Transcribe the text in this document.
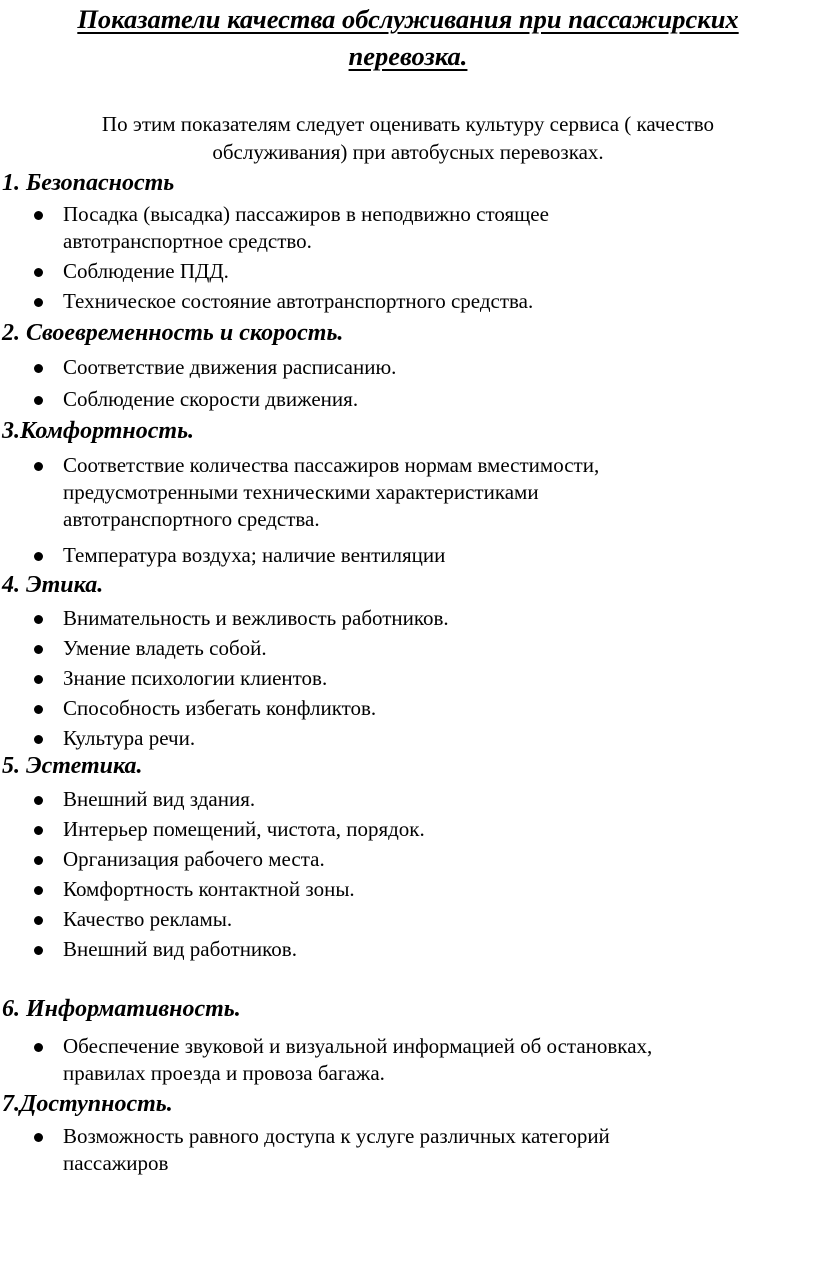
Показатели качества обслуживания при пассажирских
перевозка.
По этим показателям следует оценивать культуру сервиса ( качество
обслуживания) при автобусных перевозках.
1. Безопасность
Посадка (высадка) пассажиров в неподвижно стоящее
автотранспортное средство.
Соблюдение ПДД.
Техническое состояние автотранспортного средства.
2. Своевременность и скорость.
Соответствие движения расписанию.
Соблюдение скорости движения.
3.Комфортность.
Соответствие количества пассажиров нормам вместимости,
предусмотренными техническими характеристиками
автотранспортного средства.
Температура воздуха; наличие вентиляции
4. Этика.
Внимательность и вежливость работников.
Умение владеть собой.
Знание психологии клиентов.
Способность избегать конфликтов.
Культура речи.
5. Эстетика.
Внешний вид здания.
Интерьер помещений, чистота, порядок.
Организация рабочего места.
Комфортность контактной зоны.
Качество рекламы.
Внешний вид работников.
6. Информативность.
Обеспечение звуковой и визуальной информацией об остановках,
правилах проезда и провоза багажа.
7.Доступность.
Возможность равного доступа к услуге различных категорий
пассажиров
